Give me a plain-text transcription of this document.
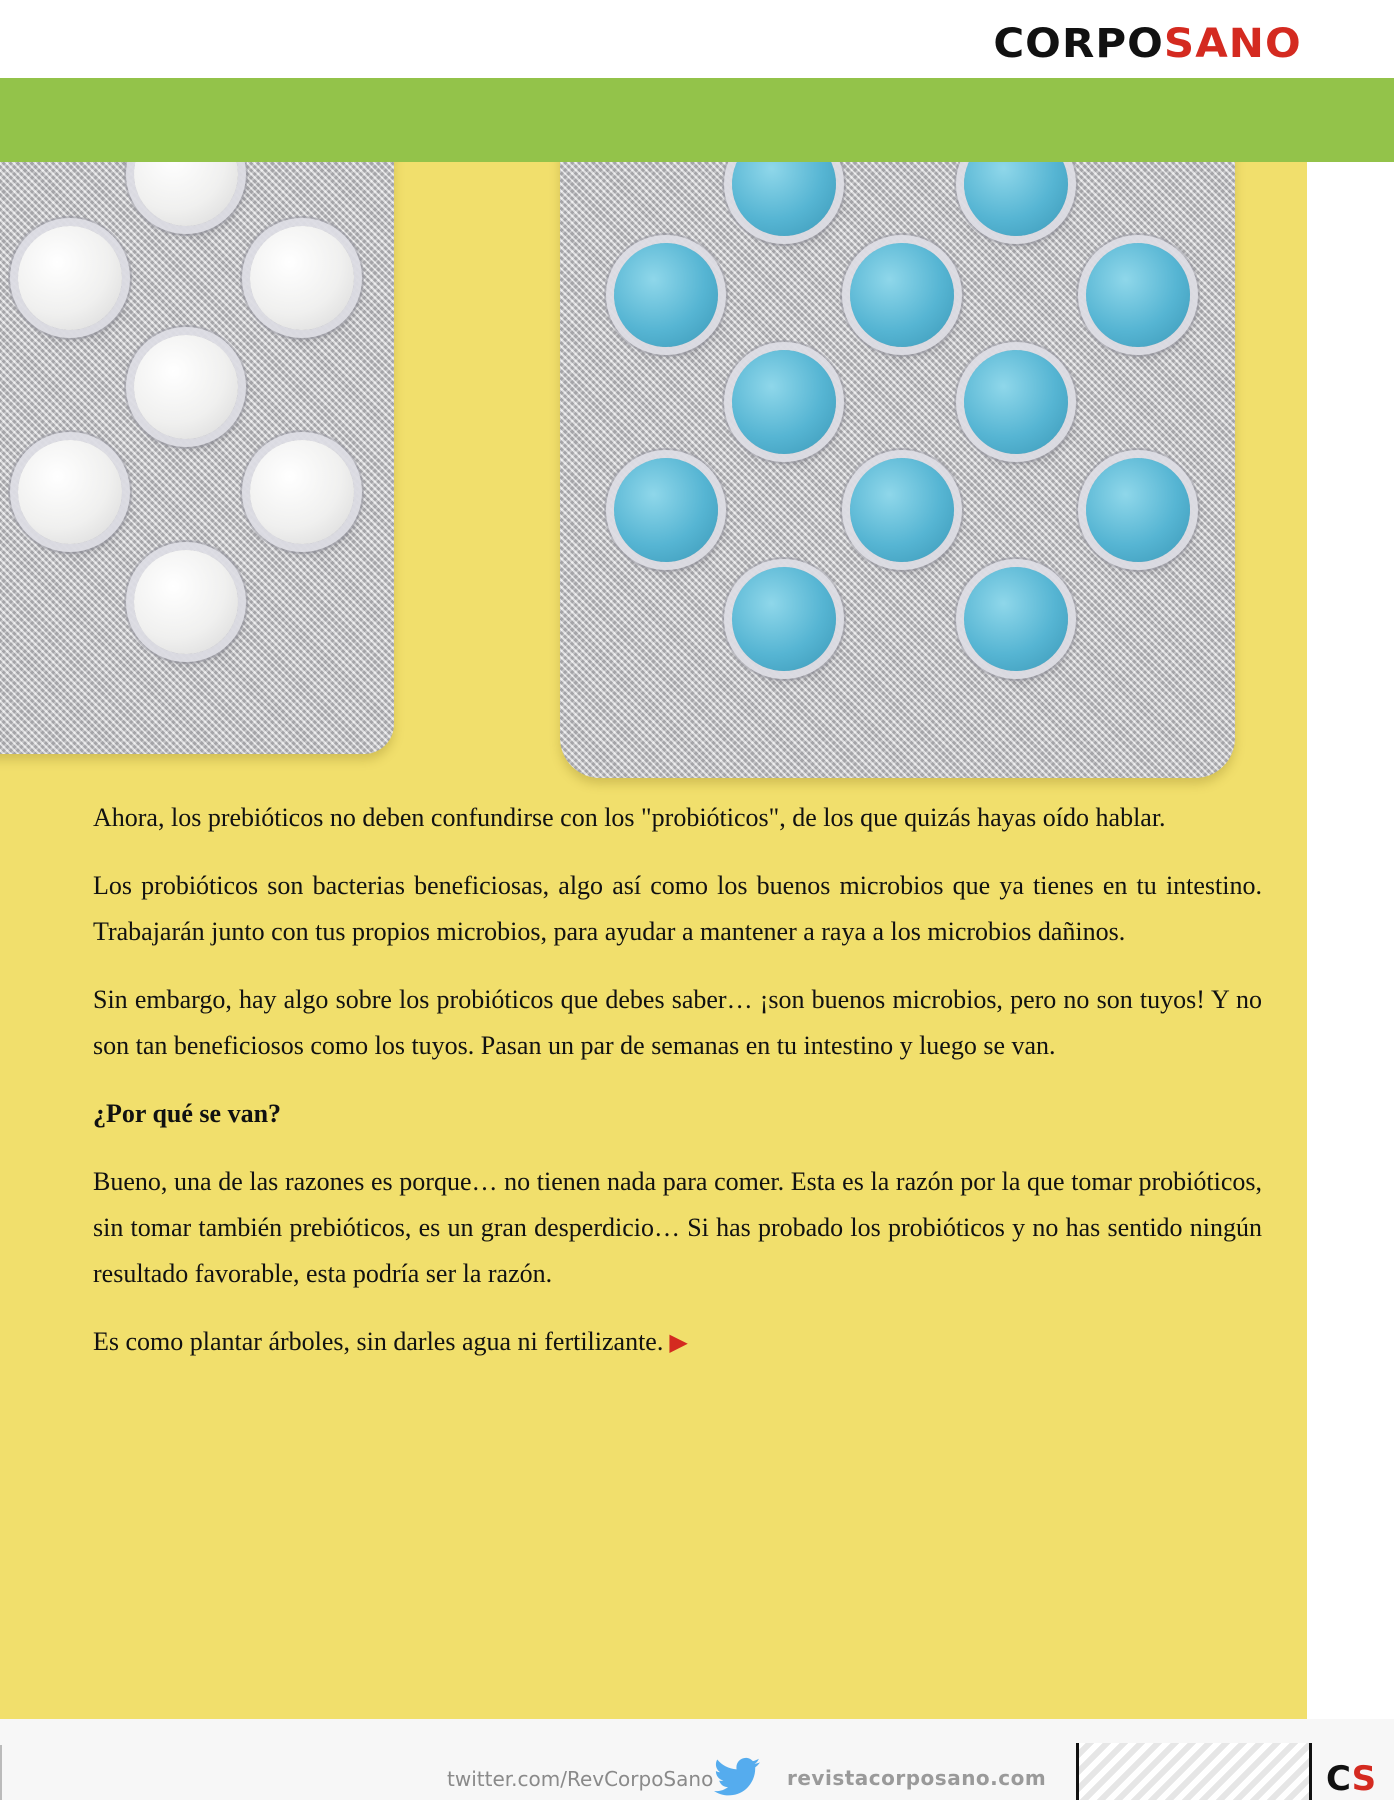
CORPOSANO

Ahora, los prebióticos no deben confundirse con los "probióticos", de los que quizás hayas oído hablar.

Los probióticos son bacterias beneficiosas, algo así como los buenos microbios que ya tienes en tu intestino. Trabajarán junto con tus propios microbios, para ayudar a mantener a raya a los microbios dañinos.

Sin embargo, hay algo sobre los probióticos que debes saber… ¡son buenos microbios, pero no son tuyos! Y no son tan beneficiosos como los tuyos. Pasan un par de semanas en tu intestino y luego se van.

¿Por qué se van?

Bueno, una de las razones es porque… no tienen nada para comer. Esta es la razón por la que tomar probióticos, sin tomar también prebióticos, es un gran desperdicio… Si has probado los probióticos y no has sentido ningún resultado favorable, esta podría ser la razón.

Es como plantar árboles, sin darles agua ni fertilizante. ▶

twitter.com/RevCorpoSano	revistacorposano.com	CS
